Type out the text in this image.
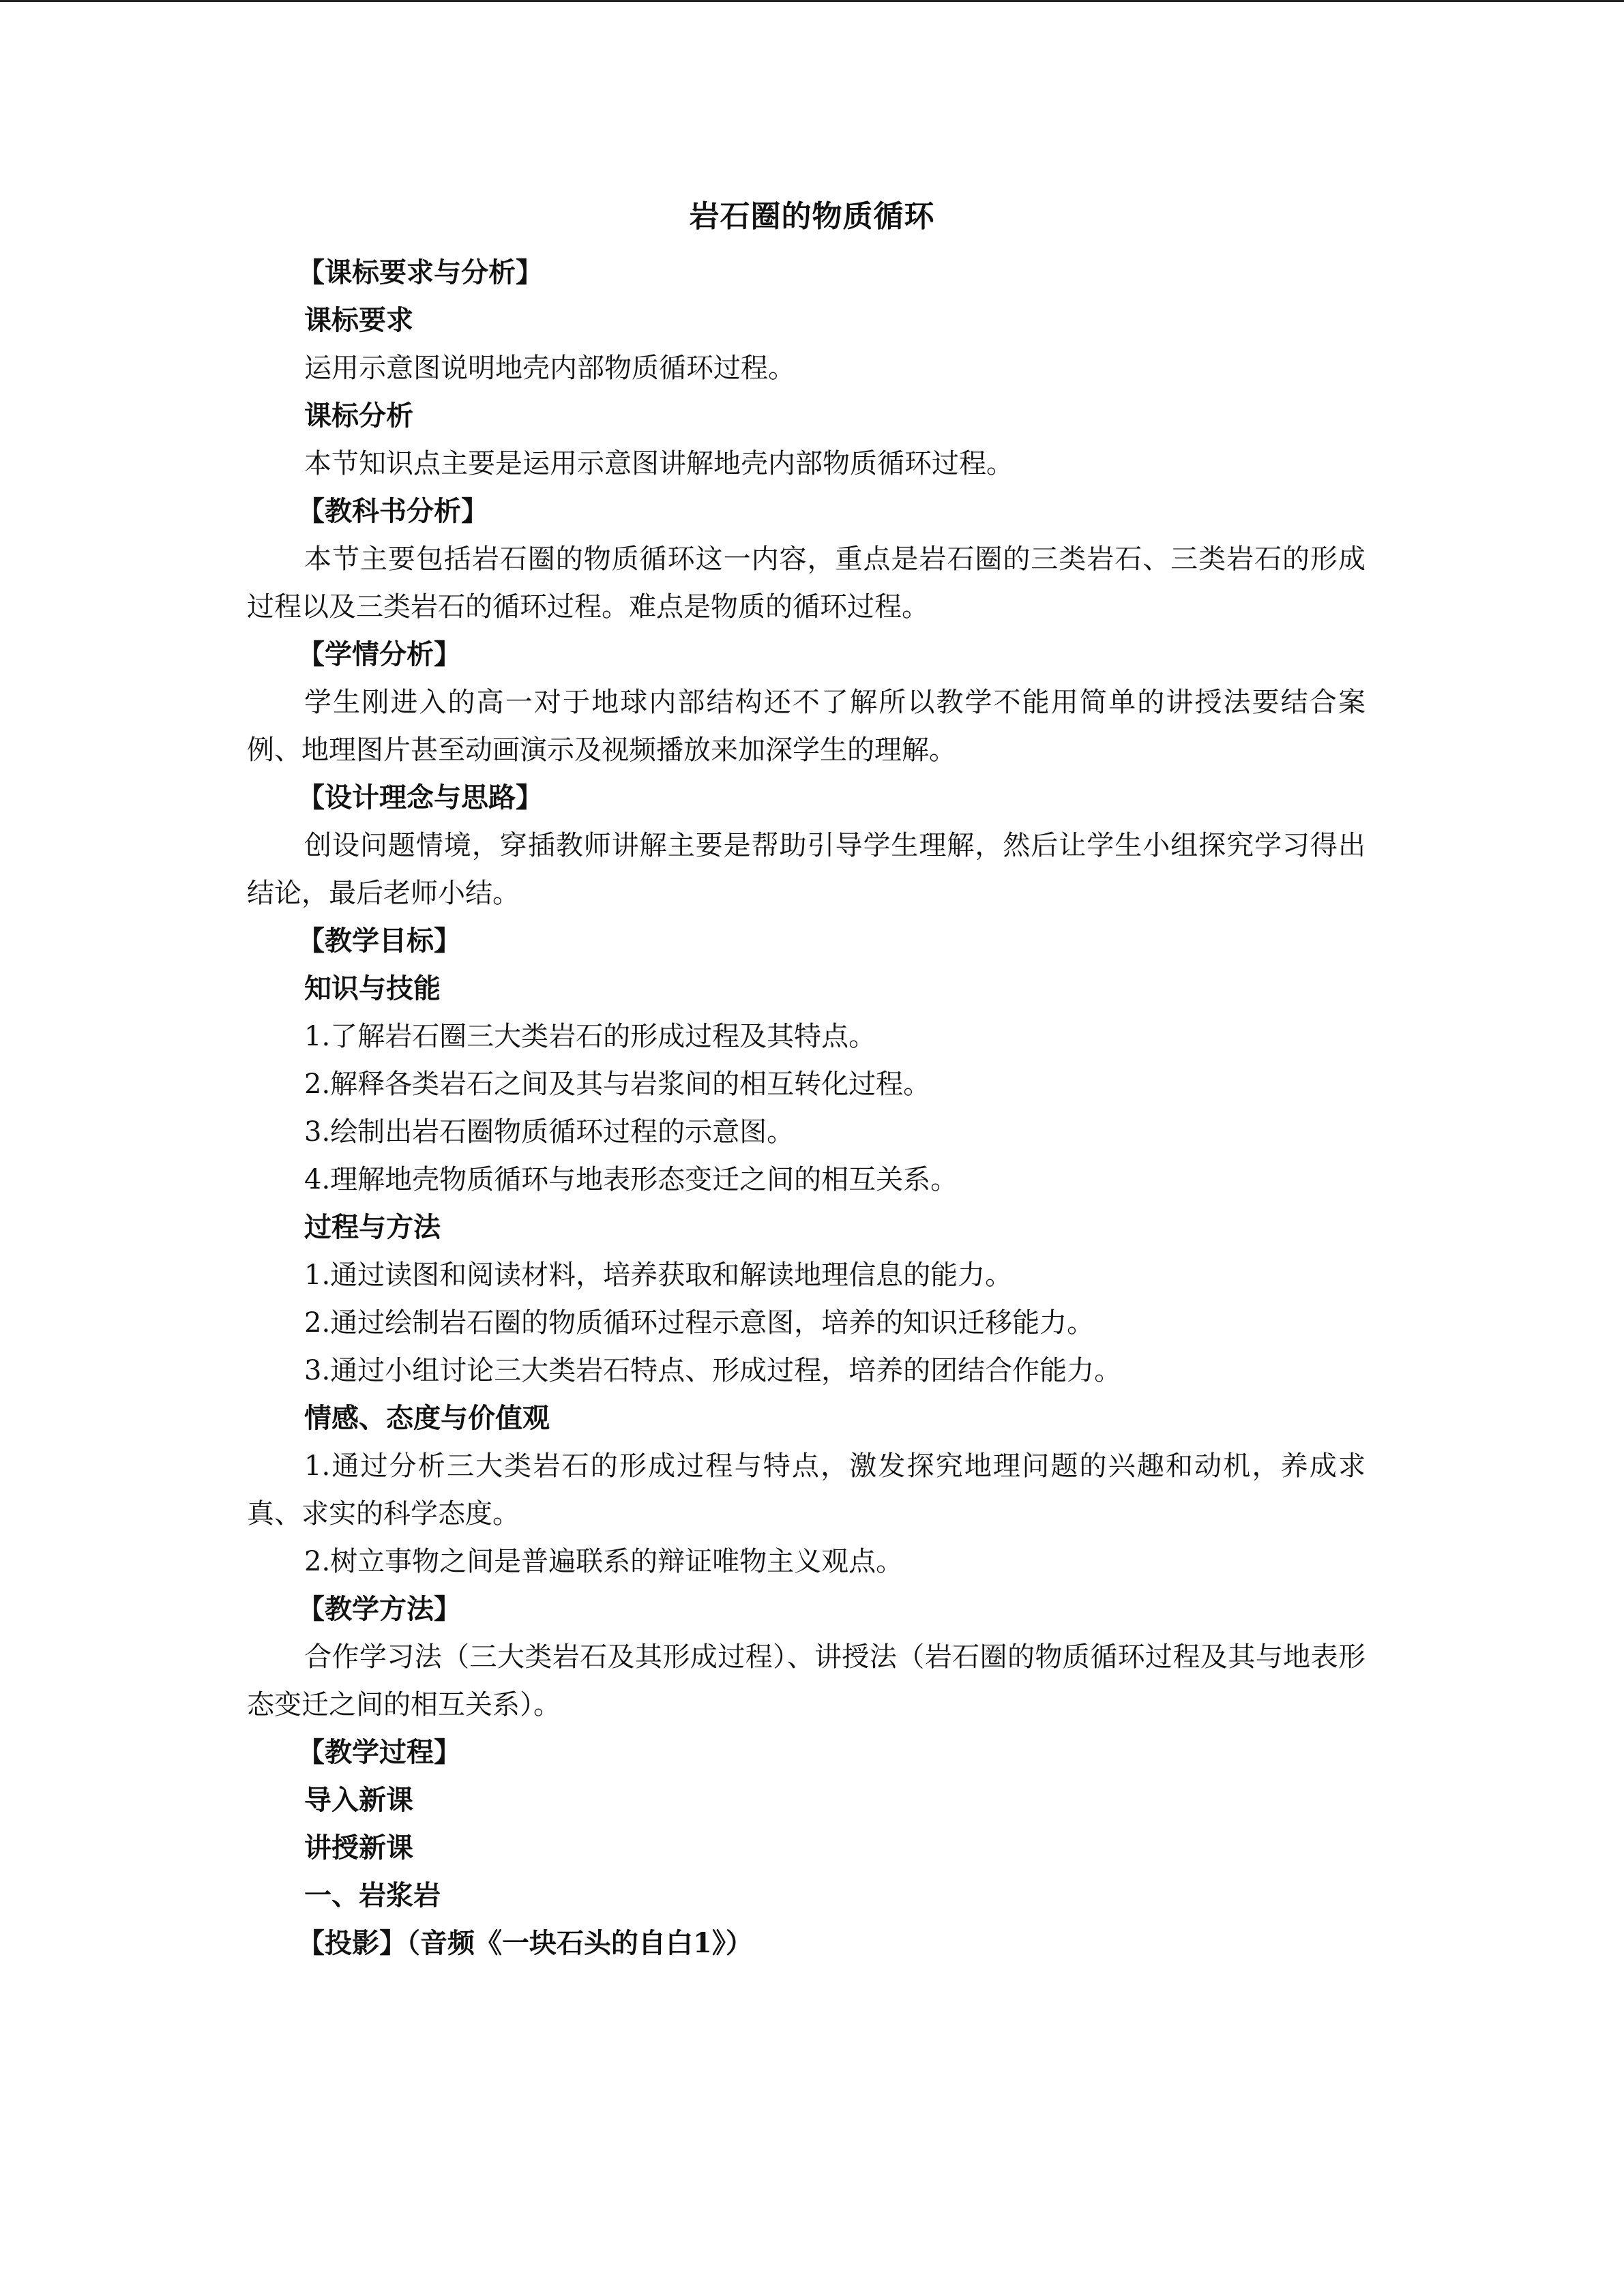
岩石圈的物质循环
【课标要求与分析】
课标要求
运用示意图说明地壳内部物质循环过程。
课标分析
本节知识点主要是运用示意图讲解地壳内部物质循环过程。
【教科书分析】
本节主要包括岩石圈的物质循环这一内容，重点是岩石圈的三类岩石、三类岩石的形成过程以及三类岩石的循环过程。难点是物质的循环过程。
【学情分析】
学生刚进入的高一对于地球内部结构还不了解所以教学不能用简单的讲授法要结合案例、地理图片甚至动画演示及视频播放来加深学生的理解。
【设计理念与思路】
创设问题情境，穿插教师讲解主要是帮助引导学生理解，然后让学生小组探究学习得出结论，最后老师小结。
【教学目标】
知识与技能
1.了解岩石圈三大类岩石的形成过程及其特点。
2.解释各类岩石之间及其与岩浆间的相互转化过程。
3.绘制出岩石圈物质循环过程的示意图。
4.理解地壳物质循环与地表形态变迁之间的相互关系。
过程与方法
1.通过读图和阅读材料，培养获取和解读地理信息的能力。
2.通过绘制岩石圈的物质循环过程示意图，培养的知识迁移能力。
3.通过小组讨论三大类岩石特点、形成过程，培养的团结合作能力。
情感、态度与价值观
1.通过分析三大类岩石的形成过程与特点，激发探究地理问题的兴趣和动机，养成求真、求实的科学态度。
2.树立事物之间是普遍联系的辩证唯物主义观点。
【教学方法】
合作学习法（三大类岩石及其形成过程）、讲授法（岩石圈的物质循环过程及其与地表形态变迁之间的相互关系）。
【教学过程】
导入新课
讲授新课
一、岩浆岩
【投影】（音频《一块石头的自白1》）
